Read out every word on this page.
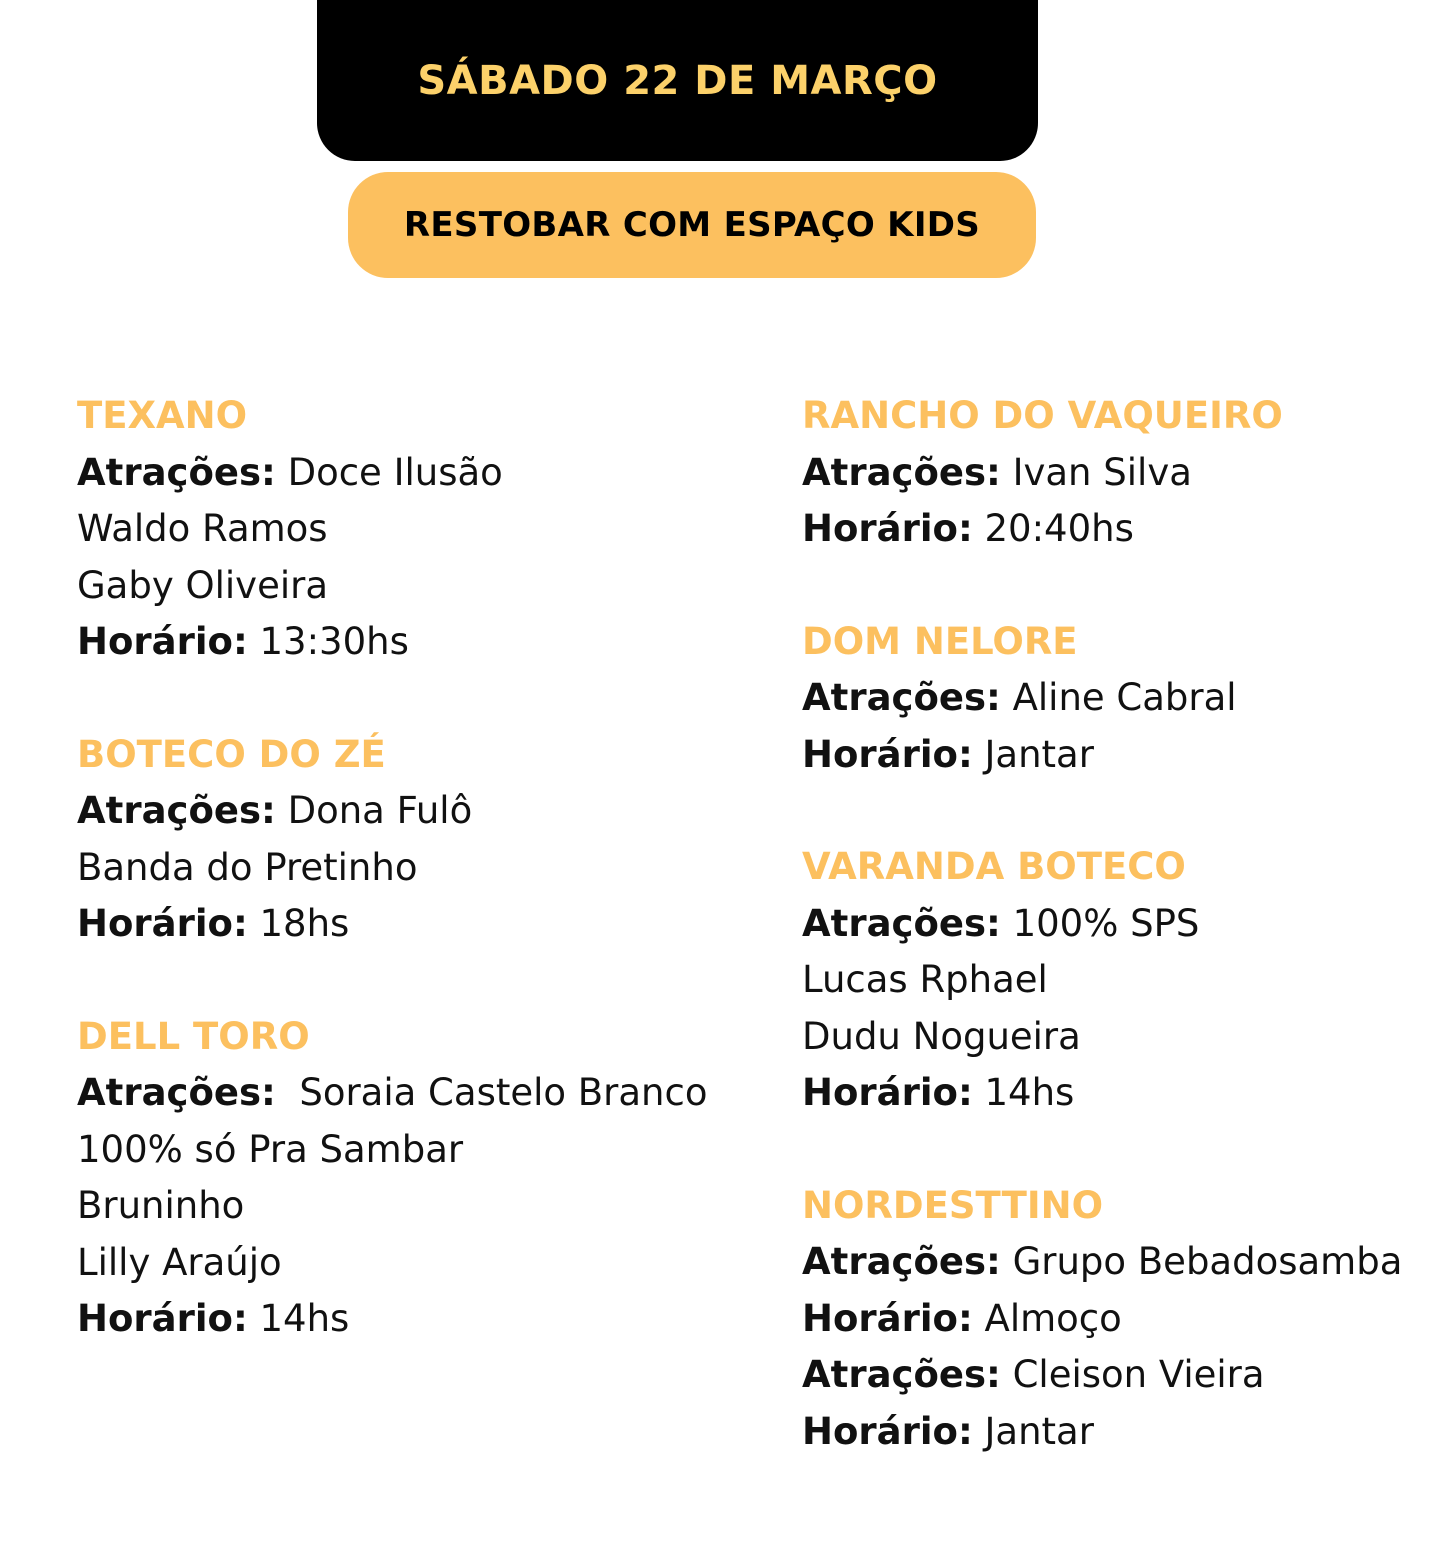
SÁBADO 22 DE MARÇO
RESTOBAR COM ESPAÇO KIDS
TEXANO
Atrações: Doce Ilusão
Waldo Ramos
Gaby Oliveira
Horário: 13:30hs
BOTECO DO ZÉ
Atrações: Dona Fulô
Banda do Pretinho
Horário: 18hs
DELL TORO
Atrações:  Soraia Castelo Branco
100% só Pra Sambar
Bruninho
Lilly Araújo
Horário: 14hs
RANCHO DO VAQUEIRO
Atrações: Ivan Silva
Horário: 20:40hs
DOM NELORE
Atrações: Aline Cabral
Horário: Jantar
VARANDA BOTECO
Atrações: 100% SPS
Lucas Rphael
Dudu Nogueira
Horário: 14hs
NORDESTTINO
Atrações: Grupo Bebadosamba
Horário: Almoço
Atrações: Cleison Vieira
Horário: Jantar
